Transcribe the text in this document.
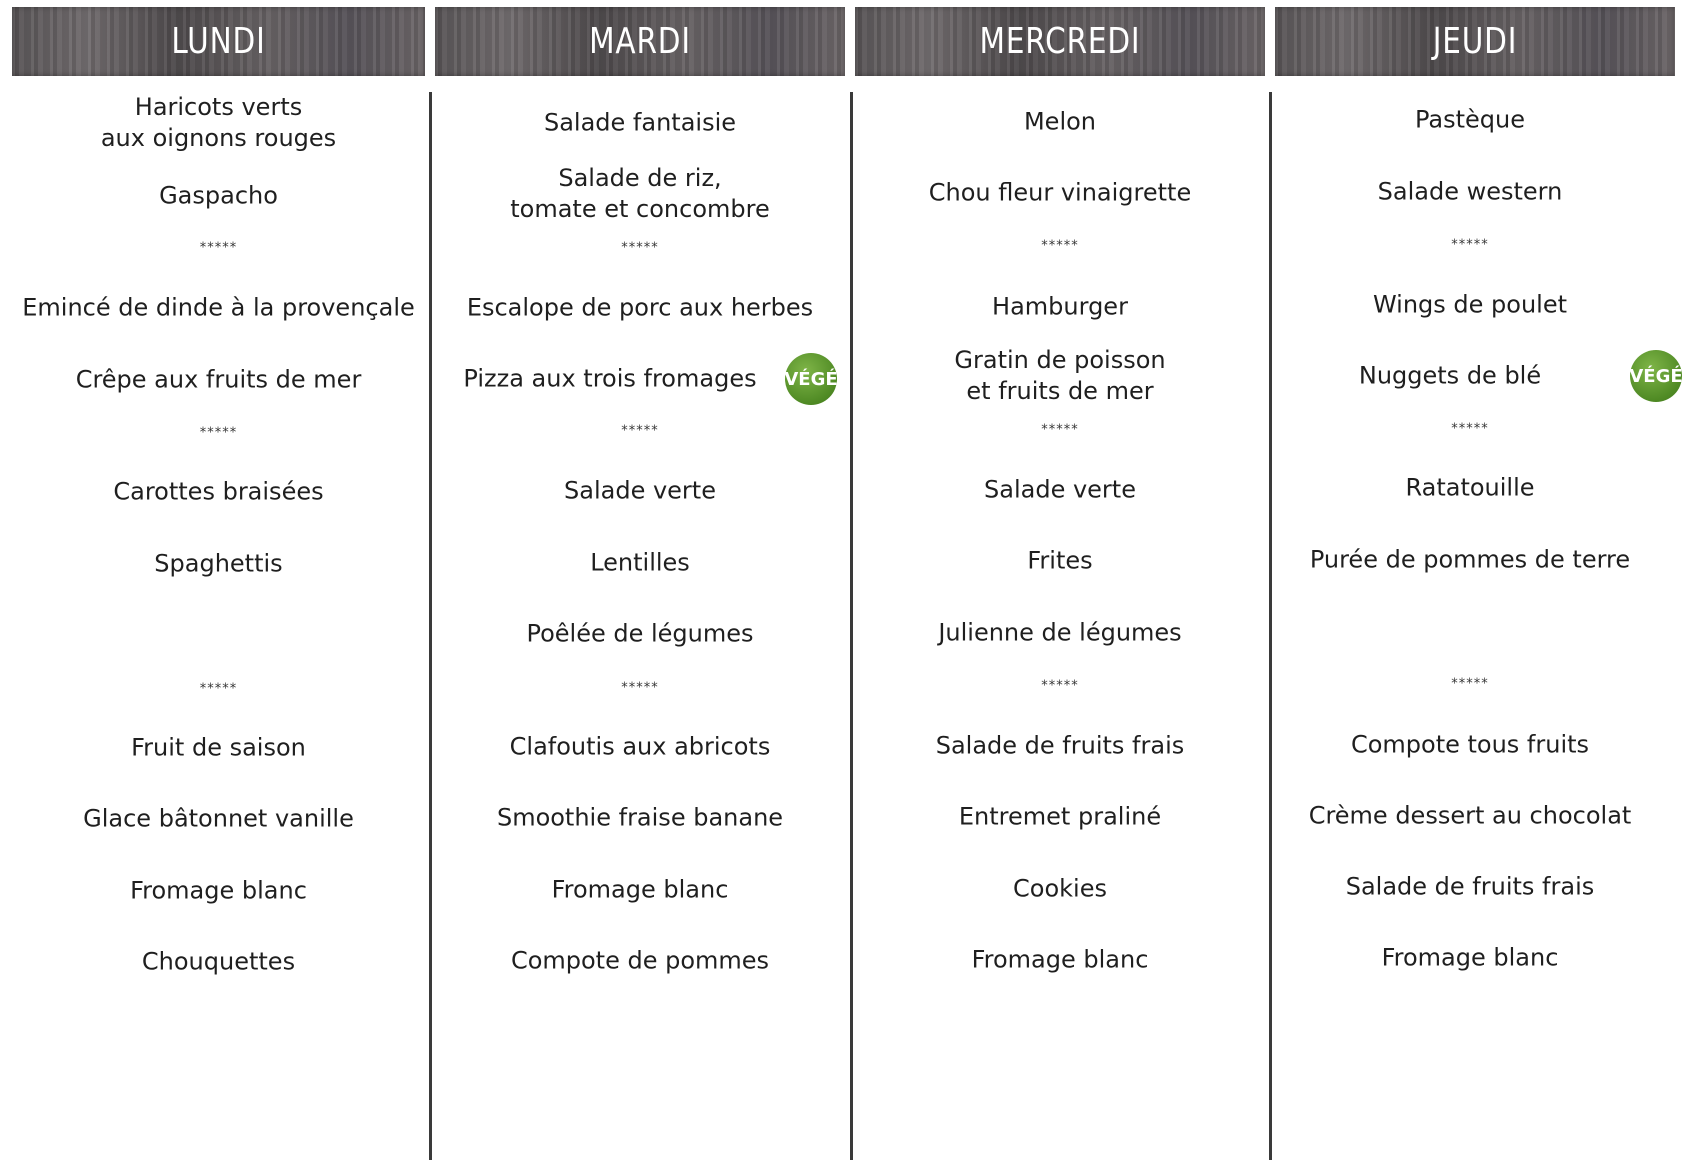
LUNDI	MARDI	MERCREDI	JEUDI
Haricots verts
aux oignons rouges
Gaspacho
*****
Emincé de dinde à la provençale
Crêpe aux fruits de mer
*****
Carottes braisées
Spaghettis
*****
Fruit de saison
Glace bâtonnet vanille
Fromage blanc
Chouquettes
Salade fantaisie
Salade de riz,
tomate et concombre
*****
Escalope de porc aux herbes
Pizza aux trois fromages
*****
Salade verte
Lentilles
Poêlée de légumes
*****
Clafoutis aux abricots
Smoothie fraise banane
Fromage blanc
Compote de pommes
VÉGÉ
Melon
Chou fleur vinaigrette
*****
Hamburger
Gratin de poisson
et fruits de mer
*****
Salade verte
Frites
Julienne de légumes
*****
Salade de fruits frais
Entremet praliné
Cookies
Fromage blanc
Pastèque
Salade western
*****
Wings de poulet
Nuggets de blé
*****
Ratatouille
Purée de pommes de terre
*****
Compote tous fruits
Crème dessert au chocolat
Salade de fruits frais
Fromage blanc
VÉGÉ
